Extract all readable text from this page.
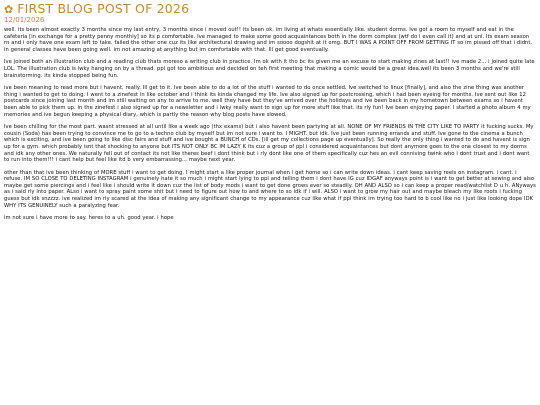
✿ FIRST BLOG POST OF 2026
12/01/2026

well. its been almost exactly 3 months since my last entry, 3 months since i moved out!! its been ok. im living at whats essentially like. student dorms. Ive got a room to myself and eat in the cafeteria [in exchange for a pretty penny monthly] so its p comfortable. Ive managed to make some good acquaintances both in the dorm complex (wtf do i even call it) and at uni. Its exam season rn and i only have one exam left to take. failed the other one cuz its like architectural drawing and im soooo dogshit at it omg. BUT I WAS A POINT OFF FROM GETTING IT so im pissed off that i didnt. in general classes have been going well. im not amazing at anything but im comfortable with that. Ill get good eventually.

Ive joined both an illustration club and a reading club thats moreso a writing club in practice. Im ok with it tho bc its given me an excuse to start making zines at last!! ive made 2... i joined quite late LOL. The illustration club is lwky hanging on by a thread. ppl got too ambitious and decided on teh first meeting that making a comic would be a great idea.well its been 3 months and we're still brainstorming. its kinda stopped being fun.

ive been meaning to read more but i havent, really. Ill get to it. Ive been able to do a lot of the stuff i wanted to do once settled. Ive switched to linux [finally], and also the zine thing was another thing i wanted to get to doing. I went to a zinefest in like october and i think its kinda changed my life. Ive also signed up for postcrossing, which i had been eyeing for months. Ive sent out like 12 postcards since joining last month and im still waiting on any to arrive to me. well they have but they've arrived over the holidays and ive been back in my hometown between exams so i havent been able to pick them up. in the zinefest i also signed up for a newsletter and i lwky really want to sign up for more stuff like that. its rly fun! Ive been enjoying paper. I started a photo album 4 my memories and ive begun keeping a physical diary, which is partly the reason why blog posts have slowed.

Ive been chilling for the most part. wasnt stressed at all until like a week ago (thx exams) but i also havent been partying at all. NONE OF MY FRIENDS IN THE CITY LIKE TO PARTY it fucking sucks. My cousin (Soda) has been trying to convince me to go to a techno club by myself but im not sure i want to. I MIGHT. but idk. Ive just been running errands and stuff. Ive gone to the cinema a bunch which is exciting, and ive been going to like disc fairs and stuff and ive bought a BUNCH of CDs. [ill get my collections page up eventually]. So really the only thing i wanted to do and havent is sign up for a gym. which probably isnt that shocking to anyone but ITS NOT ONLY BC IM LAZY K its cuz a group of ppl i considered acquaintances but dont anymore goes to the one closest to my dorms and idk any other ones. We naturally fell out of contact its not like theres beef i dont think but i rly dont like one of them specifically cuz hes an evil conniving twink who i dont trust and i dont want to run into them!!! i cant help but feel like itd b very embarrassing... maybe next year.

other than that ive been thinking of MORE stuff i want to get doing. I might start a like proper journal when i get home so i can write down ideas. i cant keep saving reels on instagram. i cant. i refuse. IM SO CLOSE TO DELETING INSTAGRAM i genuinely hate it so much i might start lying to ppl and telling them i dont have IG cuz IDGAF anyways point is i want to get better at sewing and also maybe get some piercings and i feel like i should write it down cuz the list of body mods i want to get done grows ever so steadily. OH AND ALSO so i can keep a proper read/watchlist D u h. ANyways as i said rly into paper. ALso i want to spray paint some shit but i need to figure out how to and where to so idk if i will. ALSO i want to grow my hair out and maybe bleach my like roots i fucking guess but idk snzzzz. ive realized im rly scared at the idea of making any significant change to my appearance cuz like what if ppl think im trying too hard to b cool like no i just like looking dope IDK WHY ITS GENUINELY such a paralyzing fear.

im not sure i have more to say. heres to a uh. good year. i hope
